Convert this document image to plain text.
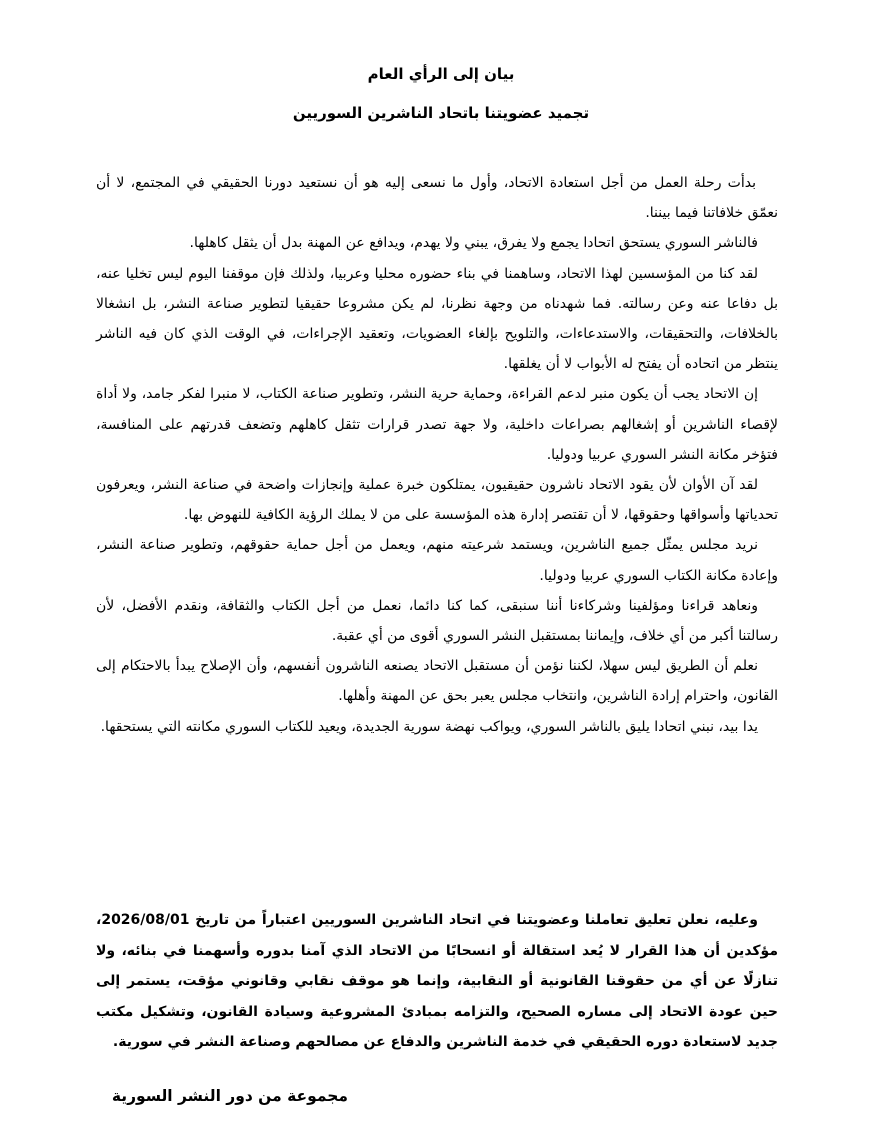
بيان إلى الرأي العام
تجميد عضويتنا باتحاد الناشرين السوريين

بدأت رحلة العمل من أجل استعادة الاتحاد، وأول ما نسعى إليه هو أن نستعيد دورنا الحقيقي في المجتمع، لا أن نعمّق خلافاتنا فيما بيننا.

فالناشر السوري يستحق اتحادا يجمع ولا يفرق، يبني ولا يهدم، ويدافع عن المهنة بدل أن يثقل كاهلها.

لقد كنا من المؤسسين لهذا الاتحاد، وساهمنا في بناء حضوره محليا وعربيا، ولذلك فإن موقفنا اليوم ليس تخليا عنه، بل دفاعا عنه وعن رسالته. فما شهدناه من وجهة نظرنا، لم يكن مشروعا حقيقيا لتطوير صناعة النشر، بل انشغالا بالخلافات، والتحقيقات، والاستدعاءات، والتلويح بإلغاء العضويات، وتعقيد الإجراءات، في الوقت الذي كان فيه الناشر ينتظر من اتحاده أن يفتح له الأبواب لا أن يغلقها.

إن الاتحاد يجب أن يكون منبر لدعم القراءة، وحماية حرية النشر، وتطوير صناعة الكتاب، لا منبرا لفكر جامد، ولا أداة لإقصاء الناشرين أو إشغالهم بصراعات داخلية، ولا جهة تصدر قرارات تثقل كاهلهم وتضعف قدرتهم على المنافسة، فتؤخر مكانة النشر السوري عربيا ودوليا.

لقد آن الأوان لأن يقود الاتحاد ناشرون حقيقيون، يمتلكون خبرة عملية وإنجازات واضحة في صناعة النشر، ويعرفون تحدياتها وأسواقها وحقوقها، لا أن تقتصر إدارة هذه المؤسسة على من لا يملك الرؤية الكافية للنهوض بها.

نريد مجلس يمثّل جميع الناشرين، ويستمد شرعيته منهم، ويعمل من أجل حماية حقوقهم، وتطوير صناعة النشر، وإعادة مكانة الكتاب السوري عربيا ودوليا.

ونعاهد قراءنا ومؤلفينا وشركاءنا أننا سنبقى، كما كنا دائما، نعمل من أجل الكتاب والثقافة، ونقدم الأفضل، لأن رسالتنا أكبر من أي خلاف، وإيماننا بمستقبل النشر السوري أقوى من أي عقبة.

نعلم أن الطريق ليس سهلا، لكننا نؤمن أن مستقبل الاتحاد يصنعه الناشرون أنفسهم، وأن الإصلاح يبدأ بالاحتكام إلى القانون، واحترام إرادة الناشرين، وانتخاب مجلس يعبر بحق عن المهنة وأهلها.

يدا بيد، نبني اتحادا يليق بالناشر السوري، ويواكب نهضة سورية الجديدة، ويعيد للكتاب السوري مكانته التي يستحقها.

وعليه، نعلن تعليق تعاملنا وعضويتنا في اتحاد الناشرين السوريين اعتباراً من تاريخ 2026/08/01، مؤكدين أن هذا القرار لا يُعد استقالة أو انسحابًا من الاتحاد الذي آمنا بدوره وأسهمنا في بنائه، ولا تنازلًا عن أي من حقوقنا القانونية أو النقابية، وإنما هو موقف نقابي وقانوني مؤقت، يستمر إلى حين عودة الاتحاد إلى مساره الصحيح، والتزامه بمبادئ المشروعية وسيادة القانون، وتشكيل مكتب جديد لاستعادة دوره الحقيقي في خدمة الناشرين والدفاع عن مصالحهم وصناعة النشر في سورية.

مجموعة من دور النشر السورية
